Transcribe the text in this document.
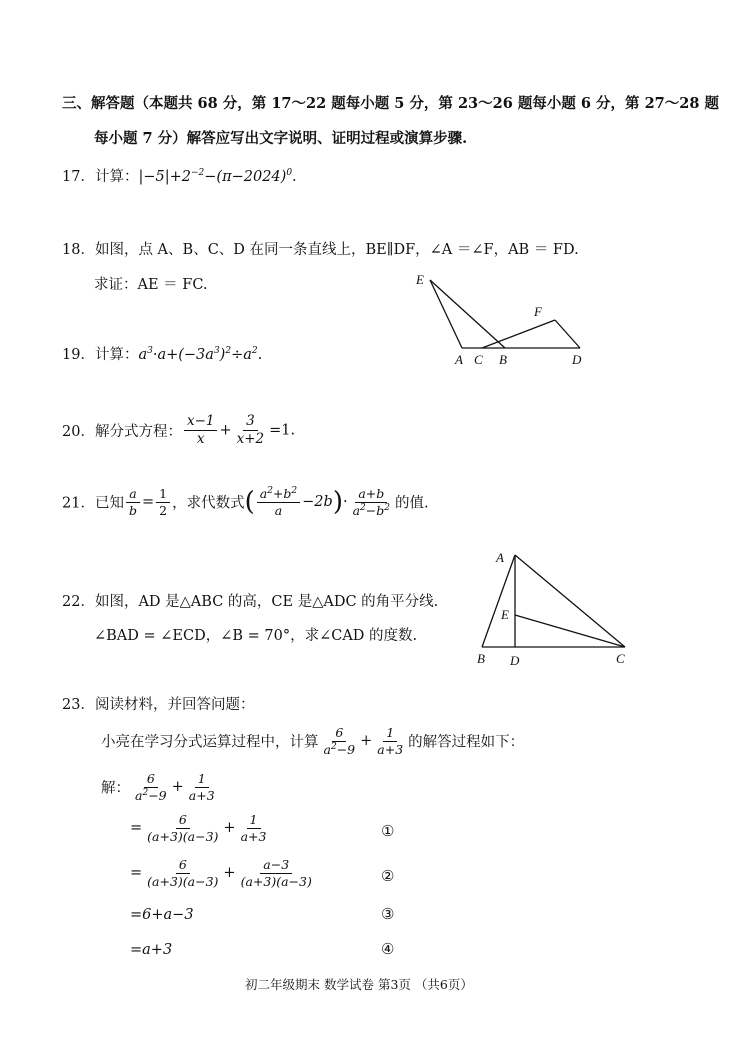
三、解答题（本题共 68 分，第 17～22 题每小题 5 分，第 23～26 题每小题 6 分，第 27～28 题
每小题 7 分）解答应写出文字说明、证明过程或演算步骤.
17．计算：$|-5|+2^{-2}-(\pi-2024)^0$.
18．如图，点 A、B、C、D 在同一条直线上，BE∥DF，∠A ＝∠F，AB ＝ FD.
求证：AE ＝ FC.	E
F
A C B	D
19．计算：$a^3\cdot a+(-3a^3)^2\div a^2$.
20．解分式方程： $\frac{x-1}{x} + \frac{3}{x+2} =1$.
21．已知 $\frac{a}{b} = \frac{1}{2}$ ，求代数式( $\frac{a^2+b^2}{a} -2b)\cdot \frac{a+b}{a^2-b^2}$ 的值.
22．如图，AD 是△ABC 的高，CE 是△ADC 的角平分线.
∠BAD = ∠ECD，∠B = 70°，求∠CAD 的度数.
A
E
B D	C
23．阅读材料，并回答问题：
小亮在学习分式运算过程中，计算 $\frac{6}{a^2-9} + \frac{1}{a+3}$ 的解答过程如下：
解： $\frac{6}{a^2-9} + \frac{1}{a+3}$
= $\frac{6}{(a+3)(a-3)} + \frac{1}{a+3}$	①
= $\frac{6}{(a+3)(a-3)} + \frac{a-3}{(a+3)(a-3)}$	②
=6+a−3	③
=a+3	④
初二年级期末 数学试卷 第3页 （共6页）
